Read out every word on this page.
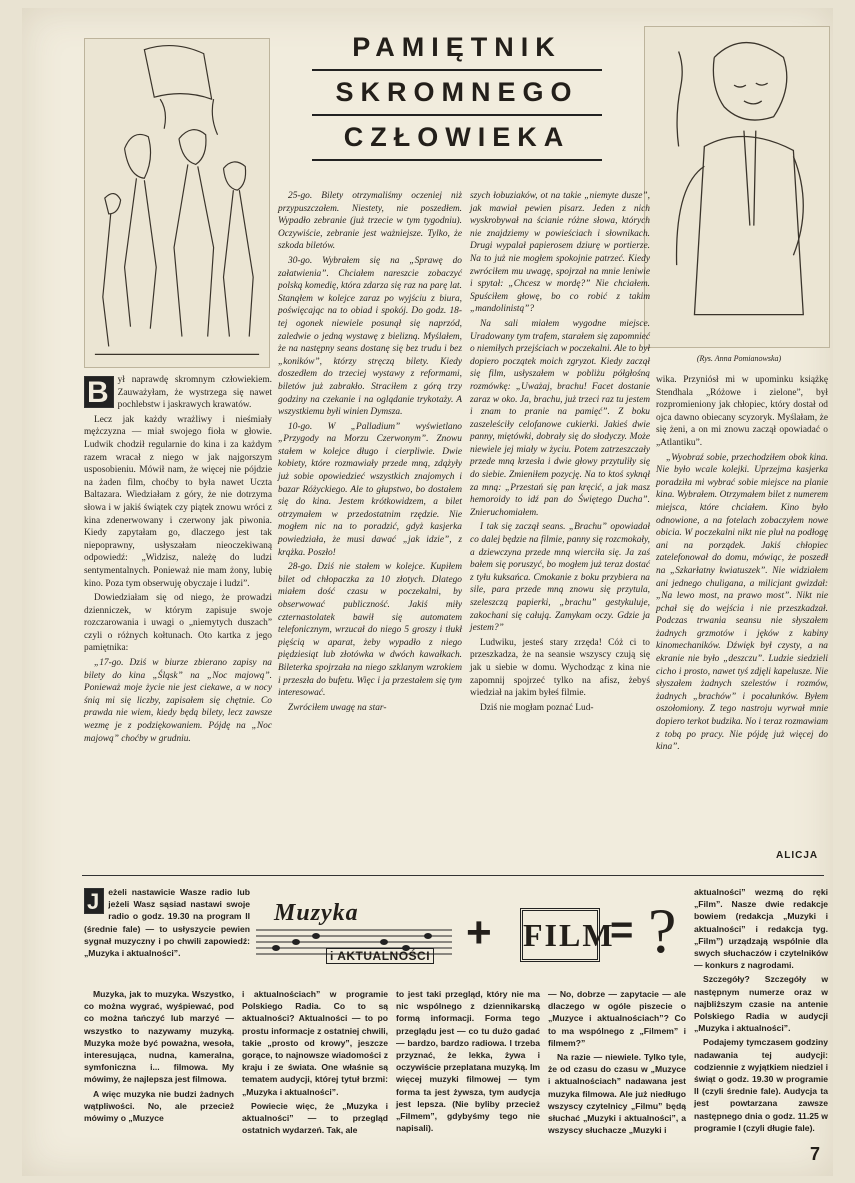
PAMIĘTNIK
SKROMNEGO
CZŁOWIEKA
(Rys. Anna Pomianowska)

B ył naprawdę skromnym człowiekiem. Zauważyłam, że wystrzega się nawet pochlebstw i jaskrawych krawatów.

Lecz jak każdy wrażliwy i nieśmiały mężczyzna — miał swojego fioła w głowie. Ludwik chodził regularnie do kina i za każdym razem wracał z niego w jak najgorszym usposobieniu. Mówił nam, że więcej nie pójdzie na żaden film, choćby to była nawet Uczta Baltazara. Wiedziałam z góry, że nie dotrzyma słowa i w jakiś świątek czy piątek znowu wróci z kina zdenerwowany i czerwony jak piwonia. Kiedy zapytałam go, dlaczego jest tak niepoprawny, usłyszałam nieoczekiwaną odpowiedź: „Widzisz, należę do ludzi sentymentalnych. Ponieważ nie mam żony, lubię kino. Poza tym obserwuję obyczaje i ludzi”.

Dowiedziałam się od niego, że prowadzi dzienniczek, w którym zapisuje swoje rozczarowania i uwagi o „niemytych duszach” czyli o różnych kołtunach. Oto kartka z jego pamiętnika:

„17-go. Dziś w biurze zbierano zapisy na bilety do kina „Śląsk” na „Noc majową”. Ponieważ moje życie nie jest ciekawe, a w nocy śnią mi się liczby, zapisałem się chętnie. Co prawda nie wiem, kiedy będą bilety, lecz zawsze wezmę je z podziękowaniem. Pójdę na „Noc majową” choćby w grudniu.

25-go. Bilety otrzymaliśmy oczeniej niż przypuszczałem. Niestety, nie poszedłem. Wypadło zebranie (już trzecie w tym tygodniu). Oczywiście, zebranie jest ważniejsze. Tylko, że szkoda biletów.

30-go. Wybrałem się na „Sprawę do załatwienia”. Chciałem nareszcie zobaczyć polską komedię, która zdarza się raz na parę lat. Stanąłem w kolejce zaraz po wyjściu z biura, poświęcając na to obiad i spokój. Do godz. 18-tej ogonek niewiele posunął się naprzód, zaledwie o jedną wystawę z bielizną. Myślałem, że na następny seans dostanę się bez trudu i bez „koników”, którzy stręczą bilety. Kiedy doszedłem do trzeciej wystawy z reformami, biletów już zabrakło. Straciłem z górą trzy godziny na czekanie i na oglądanie trykotaży. A wszystkiemu byłi winien Dymsza.

10-go. W „Palladium” wyświetlano „Przygody na Morzu Czerwonym”. Znowu stałem w kolejce długo i cierpliwie. Dwie kobiety, które rozmawiały przede mną, zdążyły już sobie opowiedzieć wszystkich znajomych i bazar Różyckiego. Ale to głupstwo, bo dostałem się do kina. Jestem krótkowidzem, a bilet otrzymałem w przedostatnim rzędzie. Nie mogłem nic na to poradzić, gdyż kasjerka powiedziała, że musi dawać „jak idzie”, z krążka. Poszło!

28-go. Dziś nie stałem w kolejce. Kupiłem bilet od chłopaczka za 10 złotych. Dlatego miałem dość czasu w poczekalni, by obserwować publiczność. Jakiś miły czternastolatek bawił się automatem telefonicznym, wrzucał do niego 5 groszy i tłukł pięścią w aparat, żeby wypadło z niego piędziesiąt lub złotówka w dwóch kawałkach. Bileterka spojrzała na niego szklanym wzrokiem i przeszła do bufetu. Więc i ja przestałem się tym interesować.

Zwróciłem uwagę na star-

szych łobuziaków, ot na takie „niemyte dusze”, jak mawiał pewien pisarz. Jeden z nich wyskrobywał na ścianie różne słowa, których nie znajdziemy w powieściach i słownikach. Drugi wypalał papierosem dziurę w portierze. Na to już nie mogłem spokojnie patrzeć. Kiedy zwróciłem mu uwagę, spojrzał na mnie leniwie i spytał: „Chcesz w mordę?” Nie chciałem. Spuściłem głowę, bo co robić z takim „mandolinistą”?

Na sali miałem wygodne miejsce. Uradowany tym trafem, starałem się zapomnieć o niemiłych przejściach w poczekalni. Ale to był dopiero początek moich zgryzot. Kiedy zaczął się film, usłyszałem w pobliżu półgłośną rozmówkę: „Uważaj, brachu! Facet dostanie zaraz w oko. Ja, brachu, już trzeci raz tu jestem i znam to pranie na pamięć”. Z boku zaszeleściły celofanowe cukierki. Jakieś dwie panny, miętówki, dobrały się do słodyczy. Może niewiele jej miały w życiu. Potem zatrzeszczały przede mną krzesła i dwie głowy przytuliły się do siebie. Zmieniłem pozycję. Na to ktoś syknął za mną: „Przestań się pan kręcić, a jak masz hemoroidy to idź pan do Świętego Ducha”. Znieruchomiałem.

I tak się zaczął seans. „Brachu” opowiadał co dalej będzie na filmie, panny się rozcmokały, a dziewczyna przede mną wierciła się. Ja zaś bałem się poruszyć, bo mogłem już teraz dostać z tyłu kuksańca. Cmokanie z boku przybiera na sile, para przede mną znowu się przytula, szeleszczą papierki, „brachu” gestykuluje, zakochani się całują. Zamykam oczy. Gdzie ja jestem?”

Ludwiku, jesteś stary zrzęda! Cóż ci to przeszkadza, że na seansie wszyscy czują się jak u siebie w domu. Wychodząc z kina nie zapomnij spojrzeć tylko na afisz, żebyś wiedział na jakim byłeś filmie.

Dziś nie mogłam poznać Lud-

wika. Przyniósł mi w upominku książkę Stendhala „Różowe i zielone”, był rozpromieniony jak chłopiec, który dostał od ojca dawno obiecany scyzoryk. Myślałam, że się żeni, a on mi znowu zaczął opowiadać o „Atlantiku”.

„Wyobraź sobie, przechodziłem obok kina. Nie było wcale kolejki. Uprzejma kasjerka poradziła mi wybrać sobie miejsce na planie kina. Wybrałem. Otrzymałem bilet z numerem miejsca, które chciałem. Kino było odnowione, a na fotelach zobaczyłem nowe obicia. W poczekalni nikt nie pluł na podłogę ani na porządek. Jakiś chłopiec zatelefonował do domu, mówiąc, że poszedł na „Szkarłatny kwiatuszek”. Nie widziałem ani jednego chuligana, a milicjant gwizdał: „Na lewo most, na prawo most”. Nikt nie pchał się do wejścia i nie przeszkadzał. Podczas trwania seansu nie słyszałem żadnych grzmotów i jęków z kabiny kinomechaników. Dźwięk był czysty, a na ekranie nie było „deszczu”. Ludzie siedzieli cicho i prosto, nawet tyś zdjęli kapelusze. Nie słyszałem żadnych szelestów i rozmów, żadnych „brachów” i pocałunków. Byłem oszołomiony. Z tego nastroju wyrwał mnie dopiero terkot budzika. No i teraz rozmawiam z tobą po pracy. Nie pójdę już więcej do kina”.

ALICJA

J	eżeli nastawicie Wasze radio lub jeżeli Wasz sąsiad nastawi swoje radio o godz. 19.30 na program II (średnie fale) — to usłyszycie pewien sygnał muzyczny i po chwili zapowiedź: „Muzyka i aktualności”.

Muzyka
i AKTUALNOŚCI + FILM
= ?

aktualności” wezmą do ręki „Film”. Nasze dwie redakcje bowiem (redakcja „Muzyki i aktualności” i redakcja tyg. „Film”) urządzają wspólnie dla swych słuchaczów i czytelników — konkurs z nagrodami.

Szczegóły? Szczegóły w następnym numerze oraz w najbliższym czasie na antenie Polskiego Radia w audycji „Muzyka i aktualności”.

Podajemy tymczasem godziny nadawania tej audycji: codziennie z wyjątkiem niedziel i świąt o godz. 19.30 w programie II (czyli średnie fale). Audycja ta jest powtarzana zawsze następnego dnia o godz. 11.25 w programie I (czyli długie fale).

Muzyka, jak to muzyka. Wszystko, co można wygrać, wyśpiewać, pod co można tańczyć lub marzyć — wszystko to nazywamy muzyką. Muzyka może być poważna, wesoła, interesująca, nudna, kameralna, symfoniczna i... filmowa. My mówimy, że najlepsza jest filmowa.

A więc muzyka nie budzi żadnych wątpliwości. No, ale przecież mówimy o „Muzyce

i aktualnościach” w programie Polskiego Radia. Co to są aktualności? Aktualności — to po prostu informacje z ostatniej chwili, takie „prosto od krowy”, jeszcze gorące, to najnowsze wiadomości z kraju i ze świata. One właśnie są tematem audycji, której tytuł brzmi: „Muzyka i aktualności”.

Powiecie więc, że „Muzyka i aktualności” — to przegląd ostatnich wydarzeń. Tak, ale

to jest taki przegląd, który nie ma nic wspólnego z dziennikarską formą informacji. Forma tego przeglądu jest — co tu dużo gadać — bardzo, bardzo radiowa. I trzeba przyznać, że lekka, żywa i oczywiście przeplatana muzyką. Im więcej muzyki filmowej — tym forma ta jest żywsza, tym audycja jest lepsza. (Nie byliby przecież „Filmem”, gdybyśmy tego nie napisali).

— No, dobrze — zapytacie — ale dlaczego w ogóle piszecie o „Muzyce i aktualnościach”? Co to ma wspólnego z „Filmem” i filmem?”

Na razie — niewiele. Tylko tyle, że od czasu do czasu w „Muzyce i aktualnościach” nadawana jest muzyka filmowa. Ale już niedługo wszyscy czytelnicy „Filmu” będą słuchać „Muzyki i aktualności”, a wszyscy słuchacze „Muzyki i

7
